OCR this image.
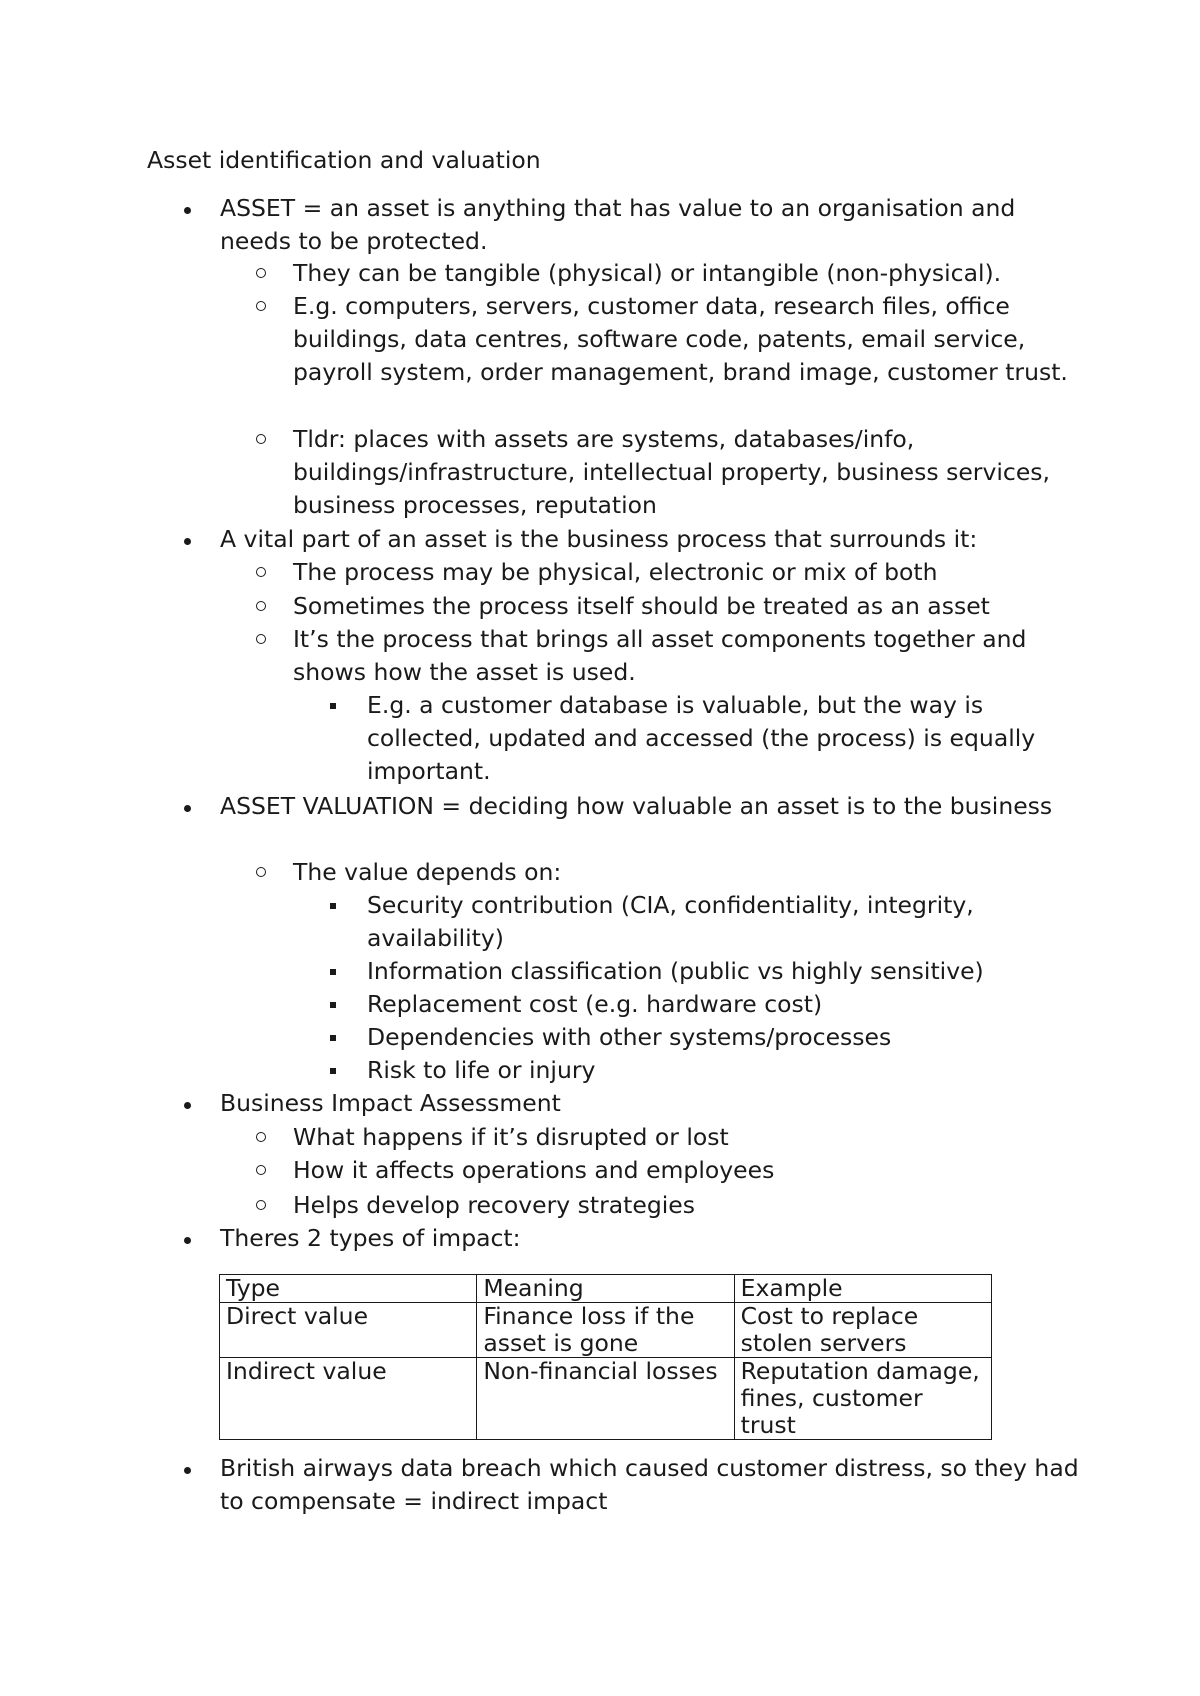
Asset identification and valuation
ASSET = an asset is anything that has value to an organisation and needs to be protected.
They can be tangible (physical) or intangible (non-physical).
E.g. computers, servers, customer data, research files, office buildings, data centres, software code, patents, email service, payroll system, order management, brand image, customer trust.
Tldr: places with assets are systems, databases/info, buildings/infrastructure, intellectual property, business services, business processes, reputation
A vital part of an asset is the business process that surrounds it:
The process may be physical, electronic or mix of both
Sometimes the process itself should be treated as an asset
It’s the process that brings all asset components together and shows how the asset is used.
E.g. a customer database is valuable, but the way is collected, updated and accessed (the process) is equally important.
ASSET VALUATION = deciding how valuable an asset is to the business
The value depends on:
Security contribution (CIA, confidentiality, integrity, availability)
Information classification (public vs highly sensitive)
Replacement cost (e.g. hardware cost)
Dependencies with other systems/processes
Risk to life or injury
Business Impact Assessment
What happens if it’s disrupted or lost
How it affects operations and employees
Helps develop recovery strategies
Theres 2 types of impact:
Type	Meaning	Example
Direct value	Finance loss if the asset is gone	Cost to replace stolen servers
Indirect value	Non-financial losses	Reputation damage, fines, customer trust
British airways data breach which caused customer distress, so they had to compensate = indirect impact
